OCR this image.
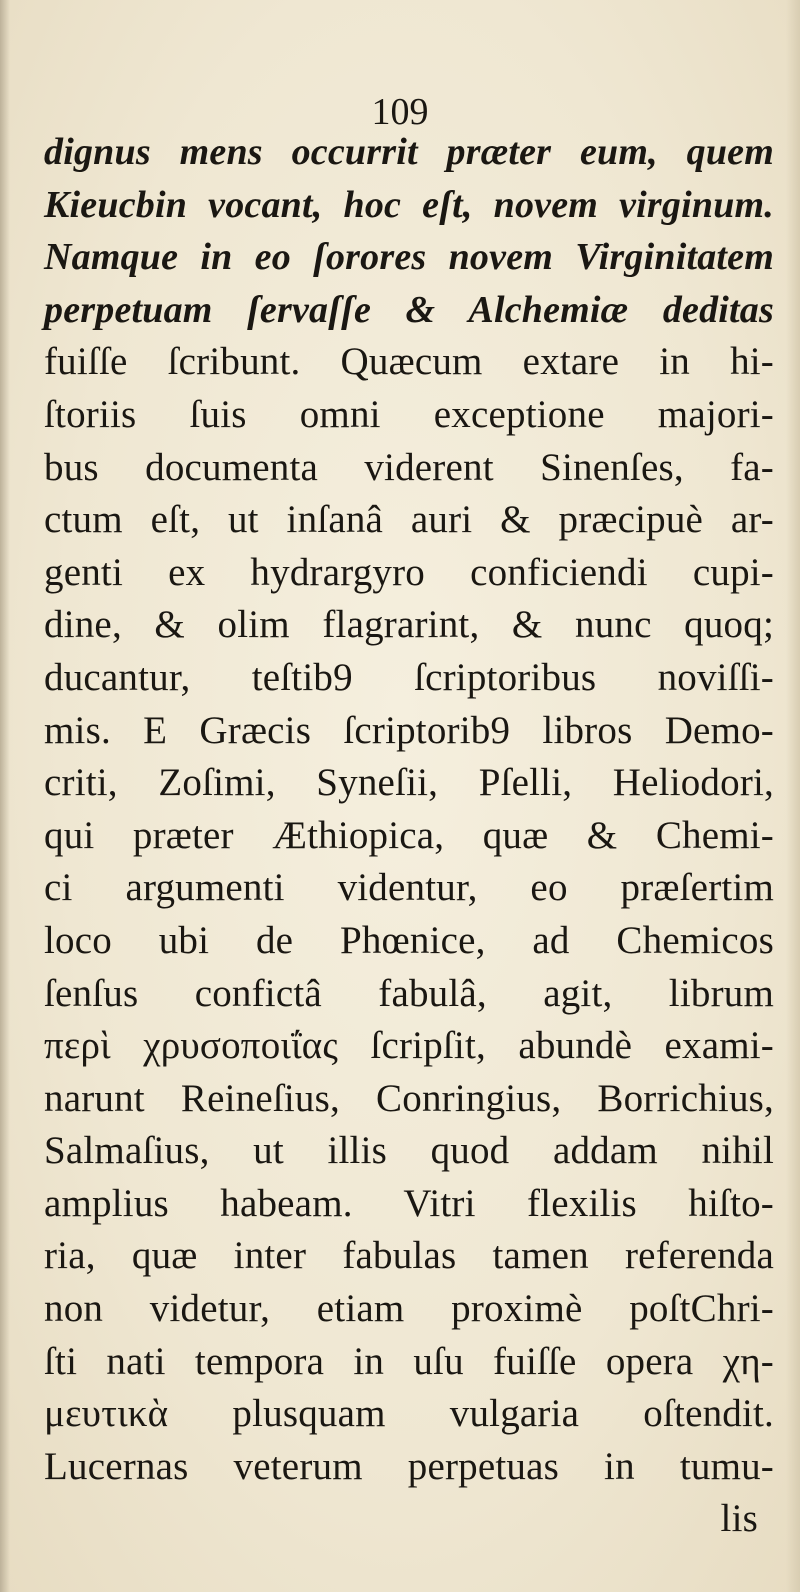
109
dignus mens occurrit præter eum, quem
Kieucbin vocant, hoc eſt, novem virginum.
Namque in eo ſorores novem Virginitatem
perpetuam ſervaſſe & Alchemiæ deditas
fuiſſe ſcribunt. Quæcum extare in hi-
ſtoriis ſuis omni exceptione majori-
bus documenta viderent Sinenſes, fa-
ctum eſt, ut inſanâ auri & præcipuè ar-
genti ex hydrargyro conficiendi cupi-
dine, & olim flagrarint, & nunc quoq;
ducantur, teſtib9 ſcriptoribus noviſſi-
mis. E Græcis ſcriptorib9 libros Demo-
criti, Zoſimi, Syneſii, Pſelli, Heliodori,
qui præter Æthiopica, quæ & Chemi-
ci argumenti videntur, eo præſertim
loco ubi de Phœnice, ad Chemicos
ſenſus confictâ fabulâ, agit, librum
περὶ χρυσοποιΐας ſcripſit, abundè exami-
narunt Reineſius, Conringius, Borrichius,
Salmaſius, ut illis quod addam nihil
amplius habeam. Vitri flexilis hiſto-
ria, quæ inter fabulas tamen referenda
non videtur, etiam proximè poſtChri-
ſti nati tempora in uſu fuiſſe opera χη-
μευτικὰ plusquam vulgaria oſtendit.
Lucernas veterum perpetuas in tumu-
lis
